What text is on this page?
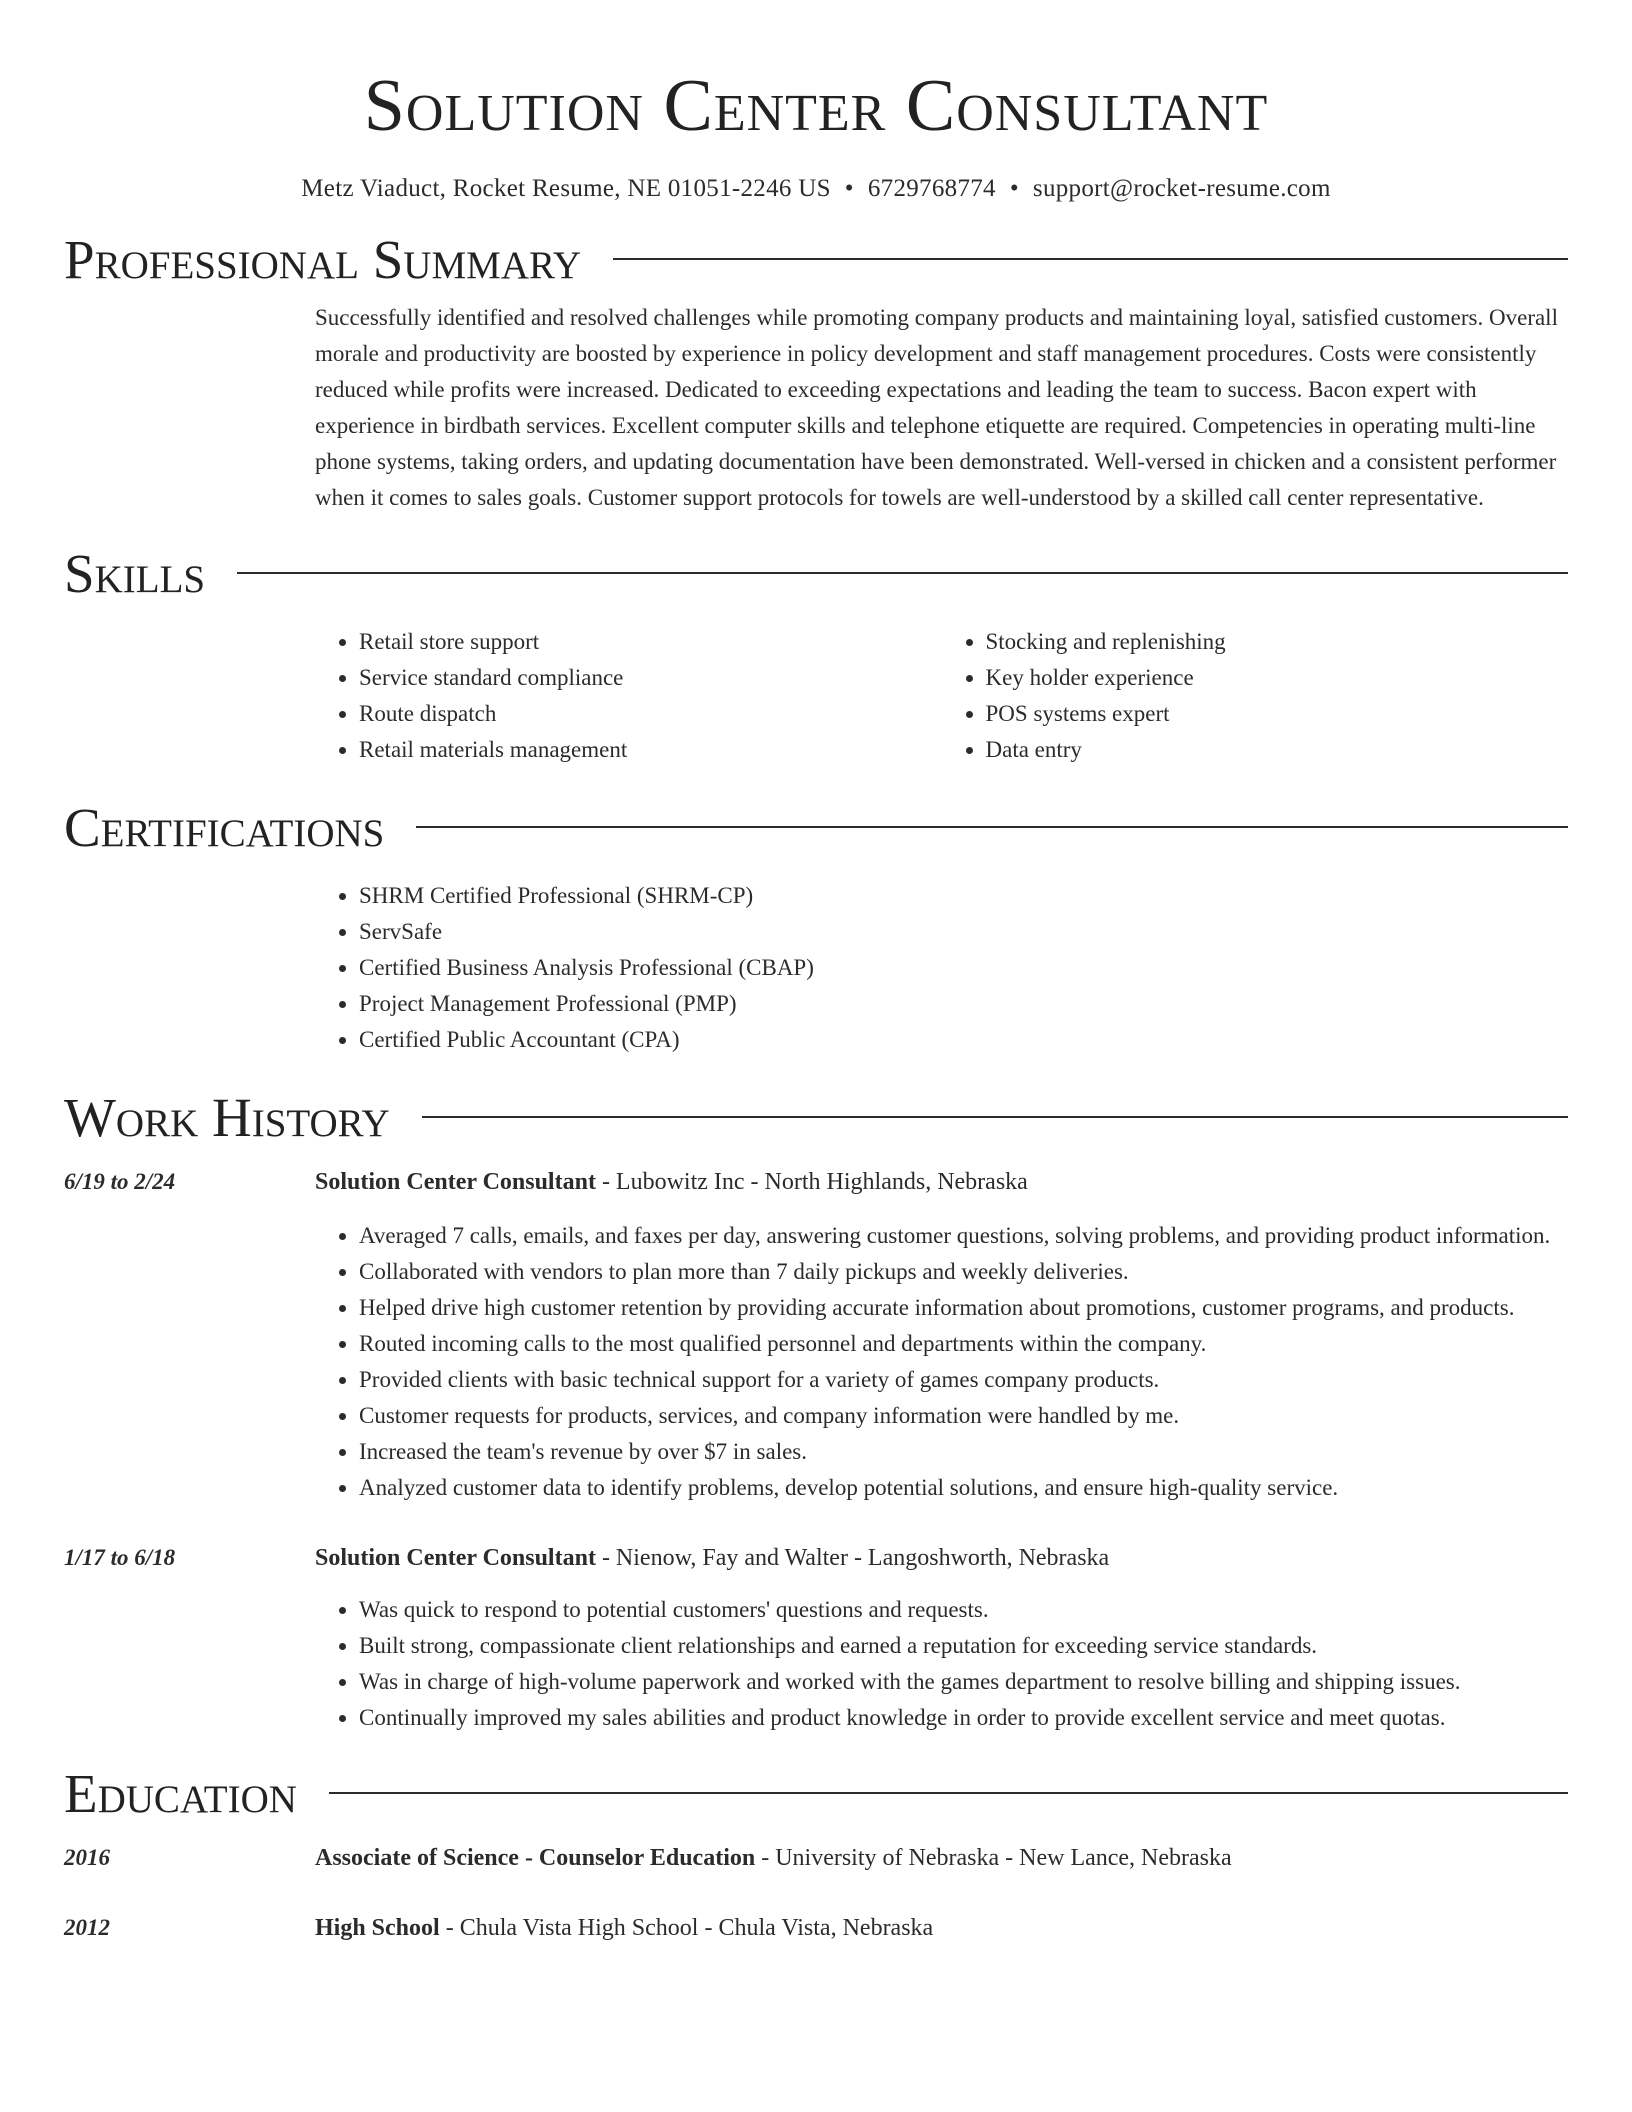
Solution Center Consultant
Metz Viaduct, Rocket Resume, NE 01051-2246 US • 6729768774 • support@rocket-resume.com
Professional Summary

Successfully identified and resolved challenges while promoting company products and maintaining loyal, satisfied customers. Overall morale and productivity are boosted by experience in policy development and staff management procedures. Costs were consistently reduced while profits were increased. Dedicated to exceeding expectations and leading the team to success. Bacon expert with experience in birdbath services. Excellent computer skills and telephone etiquette are required. Competencies in operating multi-line phone systems, taking orders, and updating documentation have been demonstrated. Well-versed in chicken and a consistent performer when it comes to sales goals. Customer support protocols for towels are well-understood by a skilled call center representative.

Skills
• Retail store support
• Service standard compliance
• Route dispatch
• Retail materials management
• Stocking and replenishing
• Key holder experience
• POS systems expert
• Data entry
Certifications
• SHRM Certified Professional (SHRM-CP)
• ServSafe
• Certified Business Analysis Professional (CBAP)
• Project Management Professional (PMP)
• Certified Public Accountant (CPA)
Work History
6/19 to 2/24	Solution Center Consultant - Lubowitz Inc - North Highlands, Nebraska
• Averaged 7 calls, emails, and faxes per day, answering customer questions, solving problems, and providing product information.
• Collaborated with vendors to plan more than 7 daily pickups and weekly deliveries.
• Helped drive high customer retention by providing accurate information about promotions, customer programs, and products.
• Routed incoming calls to the most qualified personnel and departments within the company.
• Provided clients with basic technical support for a variety of games company products.
• Customer requests for products, services, and company information were handled by me.
• Increased the team's revenue by over $7 in sales.
• Analyzed customer data to identify problems, develop potential solutions, and ensure high-quality service.
1/17 to 6/18	Solution Center Consultant - Nienow, Fay and Walter - Langoshworth, Nebraska
• Was quick to respond to potential customers' questions and requests.
• Built strong, compassionate client relationships and earned a reputation for exceeding service standards.
• Was in charge of high-volume paperwork and worked with the games department to resolve billing and shipping issues.
• Continually improved my sales abilities and product knowledge in order to provide excellent service and meet quotas.
Education
2016	Associate of Science - Counselor Education - University of Nebraska - New Lance, Nebraska
2012	High School - Chula Vista High School - Chula Vista, Nebraska
